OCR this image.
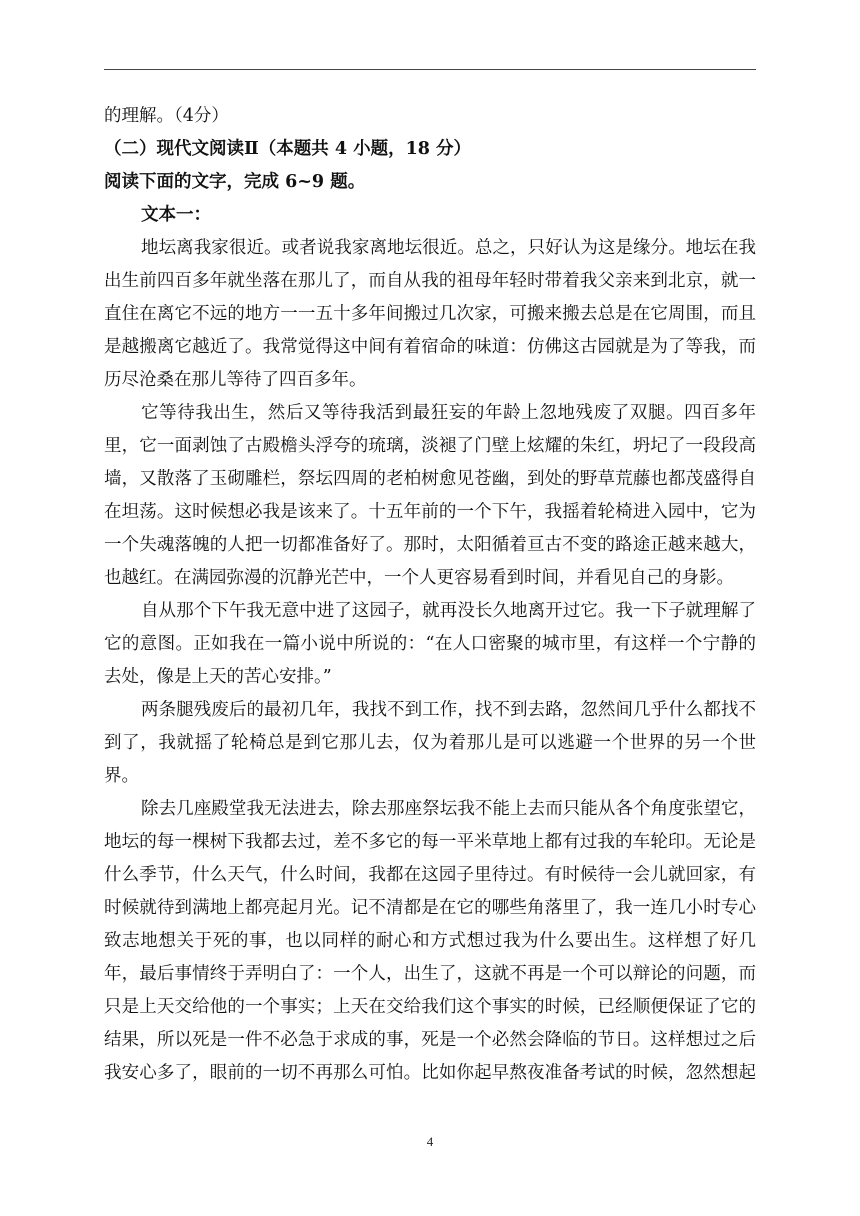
的理解。（4分）
（二）现代文阅读Ⅱ（本题共 4 小题，18 分）
阅读下面的文字，完成 6~9 题。
文本一：
地坛离我家很近。或者说我家离地坛很近。总之，只好认为这是缘分。地坛在我
出生前四百多年就坐落在那儿了，而自从我的祖母年轻时带着我父亲来到北京，就一
直住在离它不远的地方一一五十多年间搬过几次家，可搬来搬去总是在它周围，而且
是越搬离它越近了。我常觉得这中间有着宿命的味道：仿佛这古园就是为了等我，而
历尽沧桑在那儿等待了四百多年。
它等待我出生，然后又等待我活到最狂妄的年龄上忽地残废了双腿。四百多年
里，它一面剥蚀了古殿檐头浮夸的琉璃，淡褪了门壁上炫耀的朱红，坍圮了一段段高
墙，又散落了玉砌雕栏，祭坛四周的老柏树愈见苍幽，到处的野草荒藤也都茂盛得自
在坦荡。这时候想必我是该来了。十五年前的一个下午，我摇着轮椅进入园中，它为
一个失魂落魄的人把一切都准备好了。那时，太阳循着亘古不变的路途正越来越大，
也越红。在满园弥漫的沉静光芒中，一个人更容易看到时间，并看见自己的身影。
自从那个下午我无意中进了这园子，就再没长久地离开过它。我一下子就理解了
它的意图。正如我在一篇小说中所说的：“在人口密聚的城市里，有这样一个宁静的
去处，像是上天的苦心安排。”
两条腿残废后的最初几年，我找不到工作，找不到去路，忽然间几乎什么都找不
到了，我就摇了轮椅总是到它那儿去，仅为着那儿是可以逃避一个世界的另一个世
界。
除去几座殿堂我无法进去，除去那座祭坛我不能上去而只能从各个角度张望它，
地坛的每一棵树下我都去过，差不多它的每一平米草地上都有过我的车轮印。无论是
什么季节，什么天气，什么时间，我都在这园子里待过。有时候待一会儿就回家，有
时候就待到满地上都亮起月光。记不清都是在它的哪些角落里了，我一连几小时专心
致志地想关于死的事，也以同样的耐心和方式想过我为什么要出生。这样想了好几
年，最后事情终于弄明白了：一个人，出生了，这就不再是一个可以辩论的问题，而
只是上天交给他的一个事实；上天在交给我们这个事实的时候，已经顺便保证了它的
结果，所以死是一件不必急于求成的事，死是一个必然会降临的节日。这样想过之后
我安心多了，眼前的一切不再那么可怕。比如你起早熬夜准备考试的时候，忽然想起
4
